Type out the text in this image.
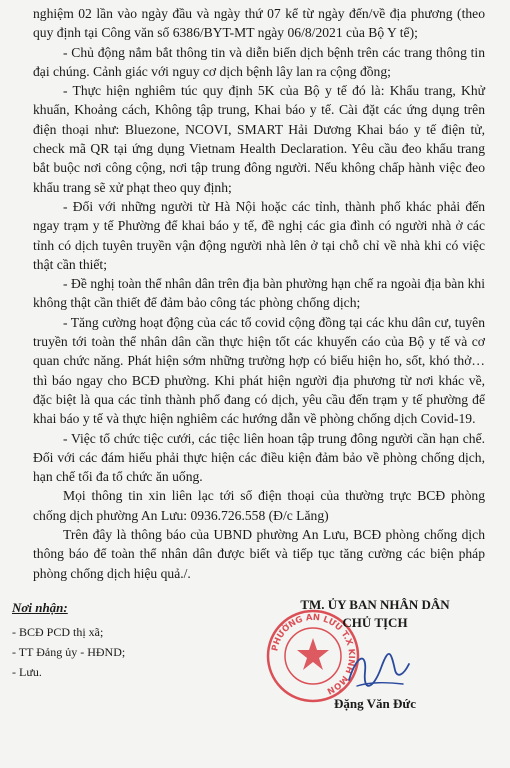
nghiệm 02 lần vào ngày đầu và ngày thứ 07 kể từ ngày đến/về địa phương (theo quy định tại Công văn số 6386/BYT-MT ngày 06/8/2021 của Bộ Y tế);

- Chủ động nắm bắt thông tin và diễn biến dịch bệnh trên các trang thông tin đại chúng. Cảnh giác với nguy cơ dịch bệnh lây lan ra cộng đồng;

- Thực hiện nghiêm túc quy định 5K của Bộ y tế đó là: Khẩu trang, Khử khuẩn, Khoảng cách, Không tập trung, Khai báo y tế. Cài đặt các ứng dụng trên điện thoại như: Bluezone, NCOVI, SMART Hải Dương Khai báo y tế điện tử, check mã QR tại ứng dụng Vietnam Health Declaration. Yêu cầu đeo khẩu trang bắt buộc nơi công cộng, nơi tập trung đông người. Nếu không chấp hành việc đeo khẩu trang sẽ xử phạt theo quy định;

- Đối với những người từ Hà Nội hoặc các tỉnh, thành phố khác phải đến ngay trạm y tế Phường để khai báo y tế, đề nghị các gia đình có người nhà ở các tỉnh có dịch tuyên truyền vận động người nhà lên ở tại chỗ chỉ về nhà khi có việc thật cần thiết;

- Đề nghị toàn thể nhân dân trên địa bàn phường hạn chế ra ngoài địa bàn khi không thật cần thiết để đảm bảo công tác phòng chống dịch;

- Tăng cường hoạt động của các tổ covid cộng đồng tại các khu dân cư, tuyên truyền tới toàn thể nhân dân cần thực hiện tốt các khuyến cáo của Bộ y tế và cơ quan chức năng. Phát hiện sớm những trường hợp có biểu hiện ho, sốt, khó thở… thì báo ngay cho BCĐ phường. Khi phát hiện người địa phương từ nơi khác về, đặc biệt là qua các tỉnh thành phố đang có dịch, yêu cầu đến trạm y tế phường để khai báo y tế và thực hiện nghiêm các hướng dẫn về phòng chống dịch Covid-19.

- Việc tổ chức tiệc cưới, các tiệc liên hoan tập trung đông người cần hạn chế. Đối với các đám hiếu phải thực hiện các điều kiện đảm bảo về phòng chống dịch, hạn chế tối đa tổ chức ăn uống.

Mọi thông tin xin liên lạc tới số điện thoại của thường trực BCĐ phòng chống dịch phường An Lưu: 0936.726.558 (Đ/c Lăng)

Trên đây là thông báo của UBND phường An Lưu, BCĐ phòng chống dịch thông báo để toàn thể nhân dân được biết và tiếp tục tăng cường các biện pháp phòng chống dịch hiệu quả./.

Nơi nhận:

- BCĐ PCD thị xã;

- TT Đảng ủy - HĐND;

- Lưu.

TM. ỦY BAN NHÂN DÂN

CHỦ TỊCH

PHƯỜNG AN LƯU T.X KINH MÔN

Đặng Văn Đức
